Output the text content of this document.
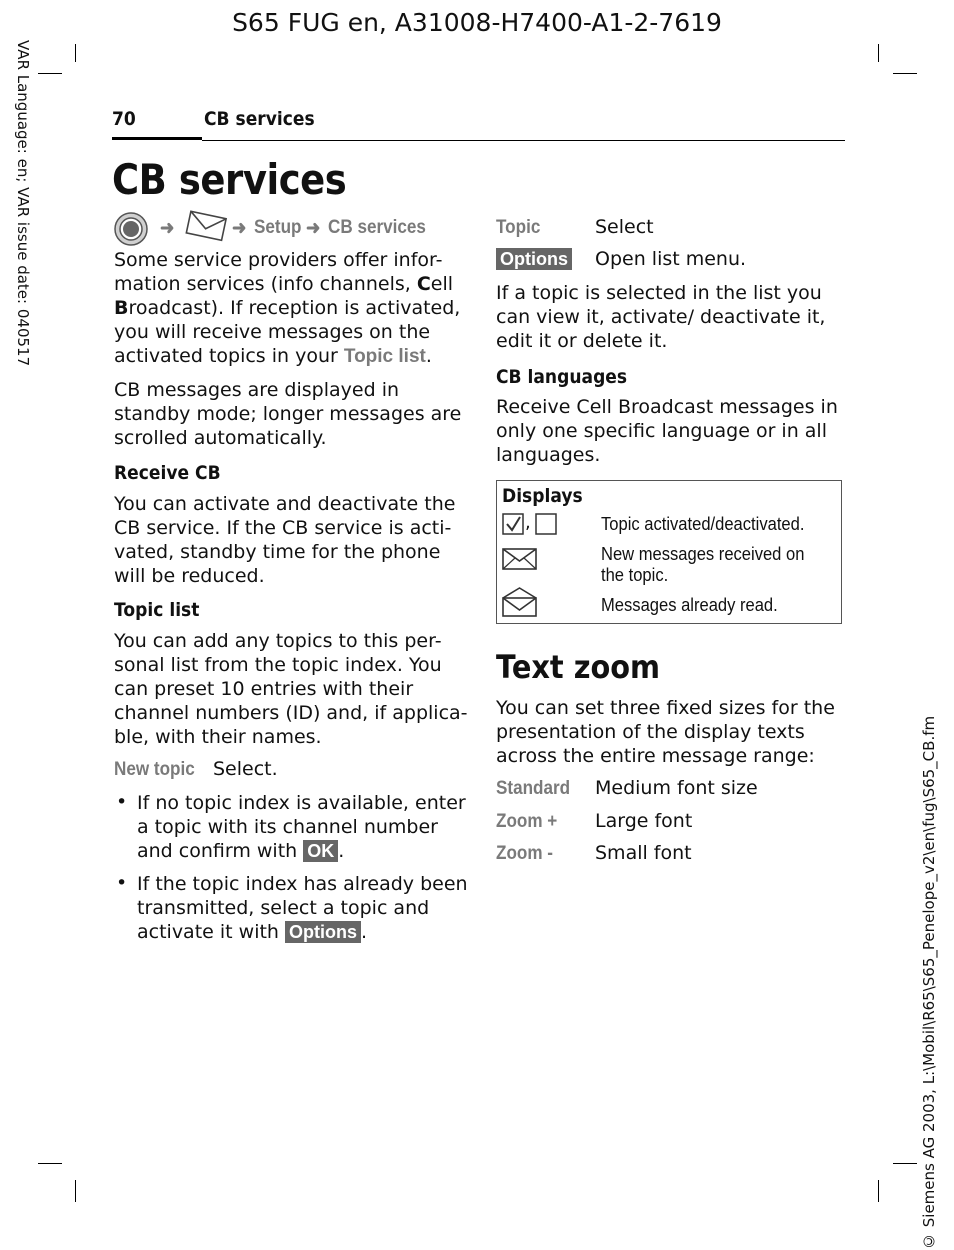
S65 FUG en, A31008-H7400-A1-2-7619
VAR Language: en; VAR issue date: 040517
© Siemens AG 2003, L:\Mobil\R65\S65_Penelope_v2\en\fug\S65_CB.fm
70	CB services
CB services
➜	➜ Setup ➜ CB services
Some service providers offer infor-
mation services (info channels, Cell
Broadcast). If reception is activated,
you will receive messages on the
activated topics in your Topic list.
CB messages are displayed in
standby mode; longer messages are
scrolled automatically.
Receive CB
You can activate and deactivate the
CB service. If the CB service is acti-
vated, standby time for the phone
will be reduced.
Topic list
You can add any topics to this per-
sonal list from the topic index. You
can preset 10 entries with their
channel numbers (ID) and, if applica-
ble, with their names.
New topic Select.
• If no topic index is available, enter
a topic with its channel number
and confirm with OK .
• If the topic index has already been
transmitted, select a topic and
activate it with Options .
Topic	Select
Options Open list menu.
If a topic is selected in the list you
can view it, activate/ deactivate it,
edit it or delete it.
CB languages
Receive Cell Broadcast messages in
only one specific language or in all
languages.
Displays
,	Topic activated/deactivated.
New messages received on
the topic.
Messages already read.
Text zoom
You can set three fixed sizes for the
presentation of the display texts
across the entire message range:
Standard Medium font size
Zoom + Large font
Zoom - Small font
